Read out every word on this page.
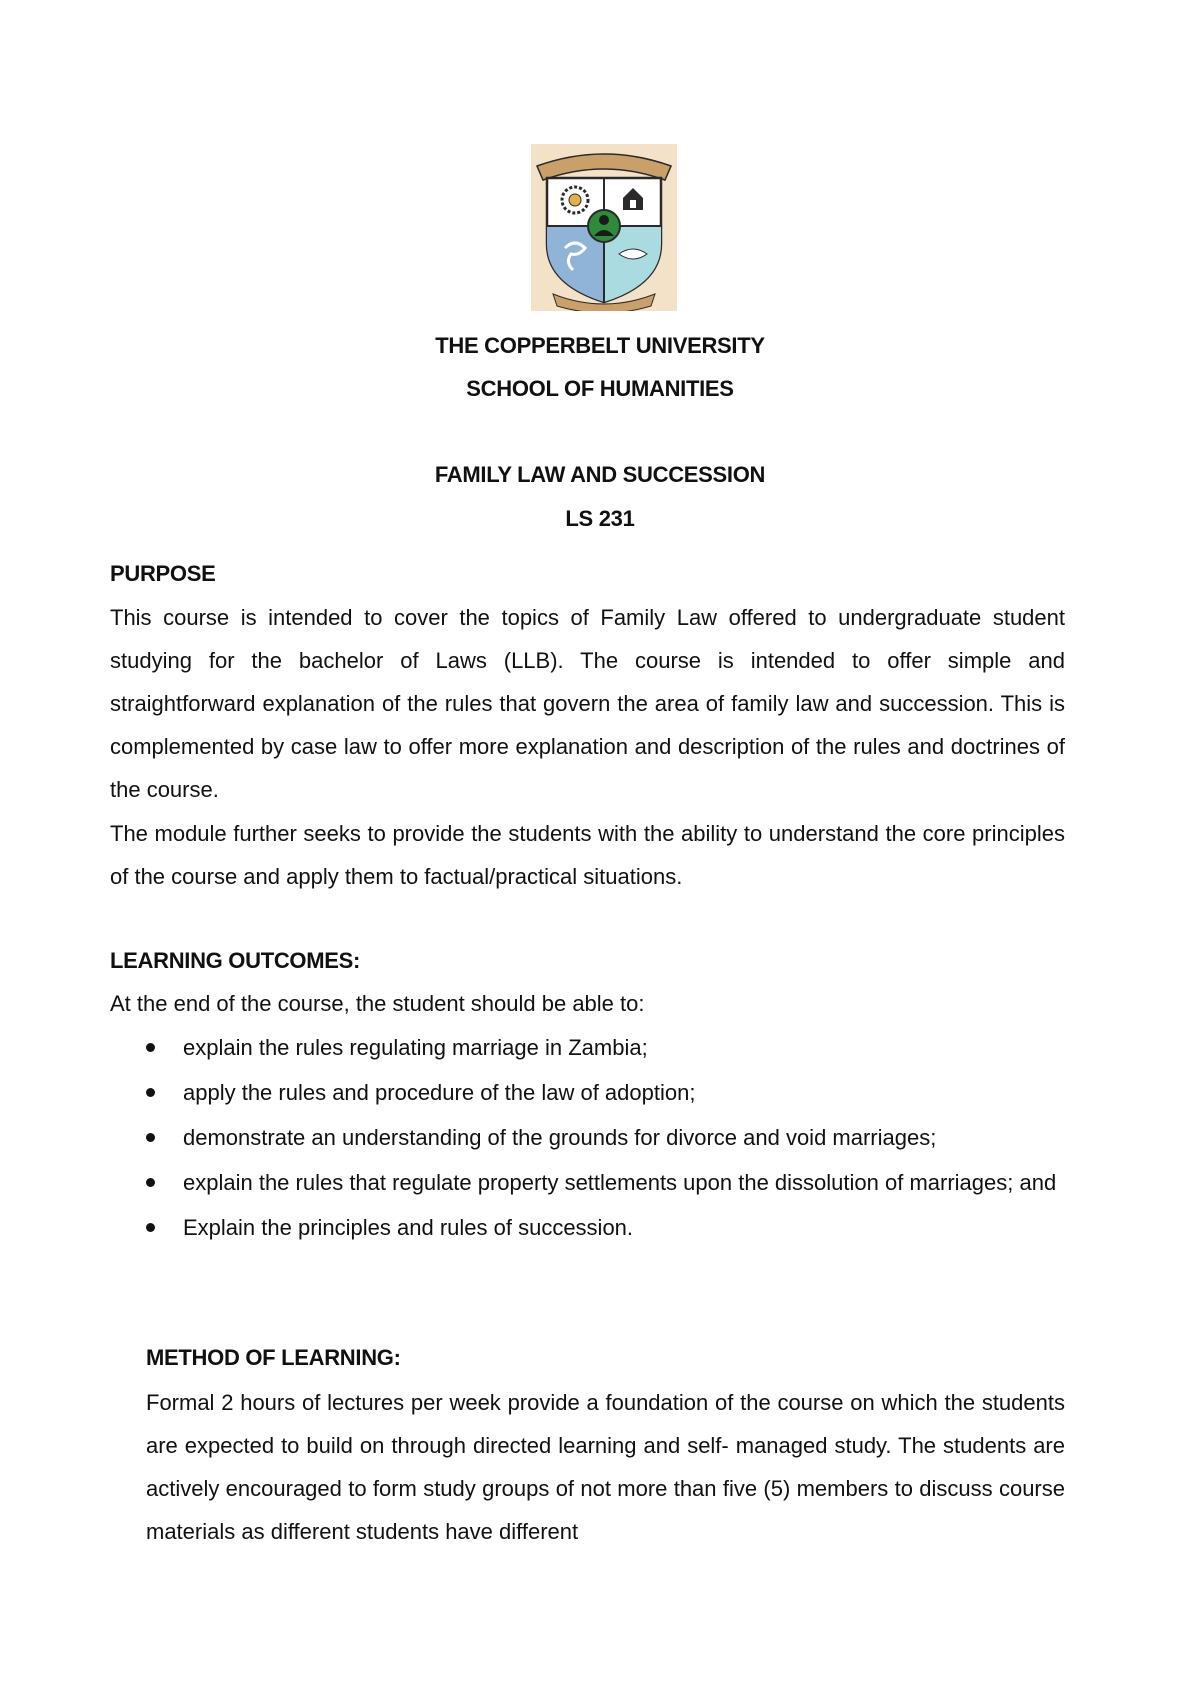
THE COPPERBELT UNIVERSITY

SCHOOL OF HUMANITIES

FAMILY LAW AND SUCCESSION

LS 231

PURPOSE

This course is intended to cover the topics of Family Law offered to undergraduate student studying for the bachelor of Laws (LLB). The course is intended to offer simple and straightforward explanation of the rules that govern the area of family law and succession. This is complemented by case law to offer more explanation and description of the rules and doctrines of the course.

The module further seeks to provide the students with the ability to understand the core principles of the course and apply them to factual/practical situations.

LEARNING OUTCOMES:

At the end of the course, the student should be able to:

explain the rules regulating marriage in Zambia;
apply the rules and procedure of the law of adoption;
demonstrate an understanding of the grounds for divorce and void marriages;
explain the rules that regulate property settlements upon the dissolution of marriages; and
Explain the principles and rules of succession.

METHOD OF LEARNING:

Formal 2 hours of lectures per week provide a foundation of the course on which the students are expected to build on through directed learning and self- managed study. The students are actively encouraged to form study groups of not more than five (5) members to discuss course materials as different students have different
